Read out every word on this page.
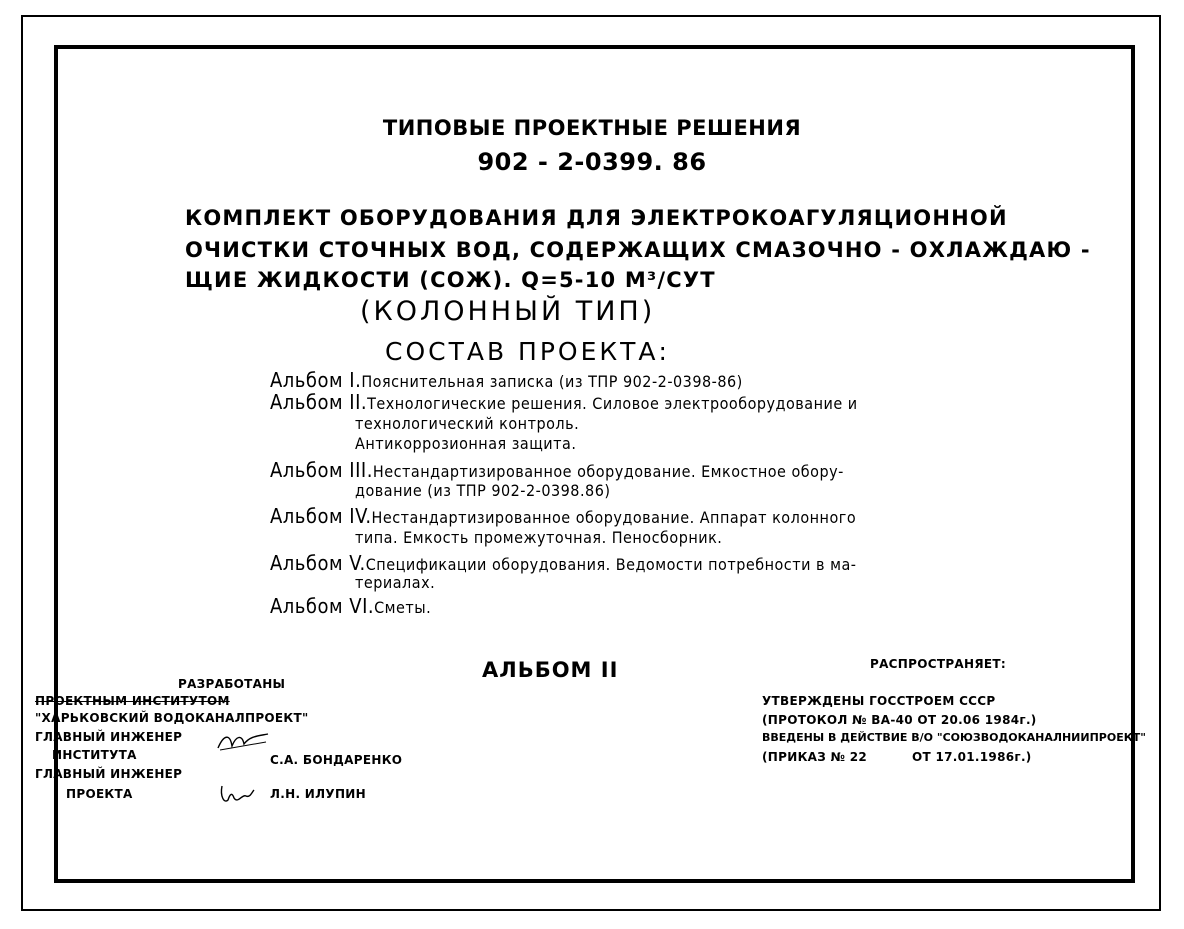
ТИПОВЫЕ ПРОЕКТНЫЕ РЕШЕНИЯ
902 - 2-0399. 86
КОМПЛЕКТ ОБОРУДОВАНИЯ ДЛЯ ЭЛЕКТРОКОАГУЛЯЦИОННОЙ
ОЧИСТКИ СТОЧНЫХ ВОД, СОДЕРЖАЩИХ СМАЗОЧНО - ОХЛАЖДАЮ -
ЩИЕ ЖИДКОСТИ (СОЖ). Q=5-10 М³/СУТ
(КОЛОННЫЙ ТИП)
СОСТАВ ПРОЕКТА:
Альбом I.Пояснительная записка (из ТПР 902-2-0398-86)
Альбом II.Технологические решения. Силовое электрооборудование и
технологический контроль.
Антикоррозионная защита.
Альбом III.Нестандартизированное оборудование. Емкостное обору-
дование (из ТПР 902-2-0398.86)
Альбом IV.Нестандартизированное оборудование. Аппарат колонного
типа. Емкость промежуточная. Пеносборник.
Альбом V.Спецификации оборудования. Ведомости потребности в ма-
териалах.
Альбом VI.Сметы.
АЛЬБОМ II
РАЗРАБОТАНЫ
ПРОЕКТНЫМ ИНСТИТУТОМ
"ХАРЬКОВСКИЙ ВОДОКАНАЛПРОЕКТ"
ГЛАВНЫЙ ИНЖЕНЕР
ИНСТИТУТА	С.А. БОНДАРЕНКО
ГЛАВНЫЙ ИНЖЕНЕР
ПРОЕКТА	Л.Н. ИЛУПИН
РАСПРОСТРАНЯЕТ:
УТВЕРЖДЕНЫ ГОССТРОЕМ СССР
(ПРОТОКОЛ № ВА-40 ОТ 20.06 1984г.)
ВВЕДЕНЫ В ДЕЙСТВИЕ В/О "СОЮЗВОДОКАНАЛНИИПРОЕКТ"
(ПРИКАЗ № 22	ОТ 17.01.1986г.)
